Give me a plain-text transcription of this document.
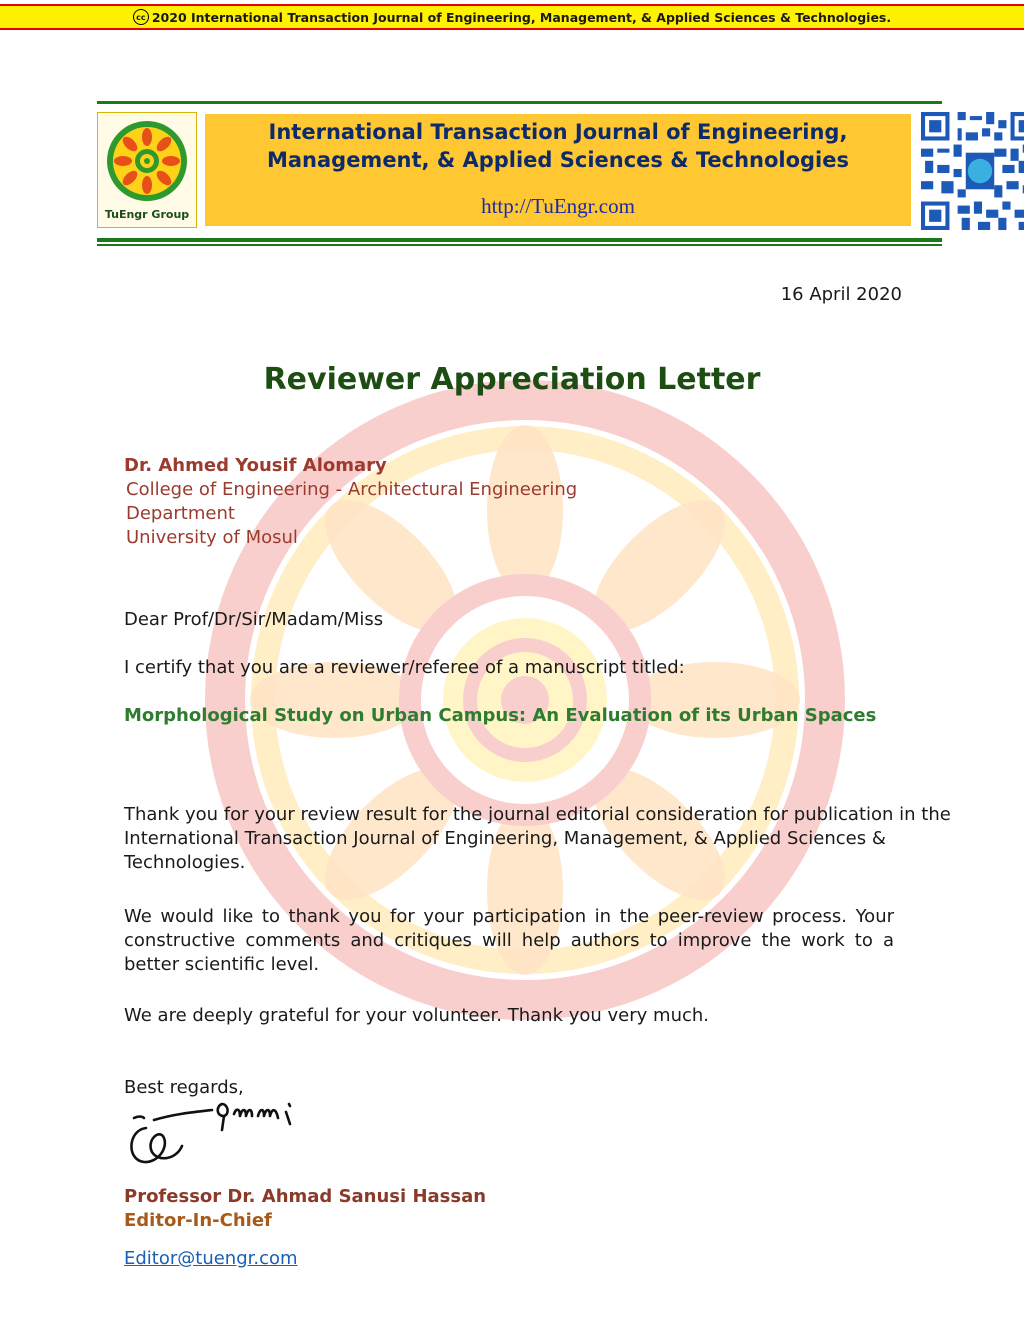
cc 2020 International Transaction Journal of Engineering, Management, & Applied Sciences & Technologies.
TuEngr Group
International Transaction Journal of Engineering,
Management, & Applied Sciences & Technologies
http://TuEngr.com
16 April 2020
Reviewer Appreciation Letter
Dr. Ahmed Yousif Alomary
College of Engineering - Architectural Engineering
Department
University of Mosul
Dear Prof/Dr/Sir/Madam/Miss
I certify that you are a reviewer/referee of a manuscript titled:
Morphological Study on Urban Campus: An Evaluation of its Urban Spaces
Thank you for your review result for the journal editorial consideration for publication in the International Transaction Journal of Engineering, Management, & Applied Sciences & Technologies.
We would like to thank you for your participation in the peer-review process. Your constructive comments and critiques will help authors to improve the work to a better scientific level.
We are deeply grateful for your volunteer. Thank you very much.
Best regards,
Professor Dr. Ahmad Sanusi Hassan
Editor-In-Chief
Editor@tuengr.com
